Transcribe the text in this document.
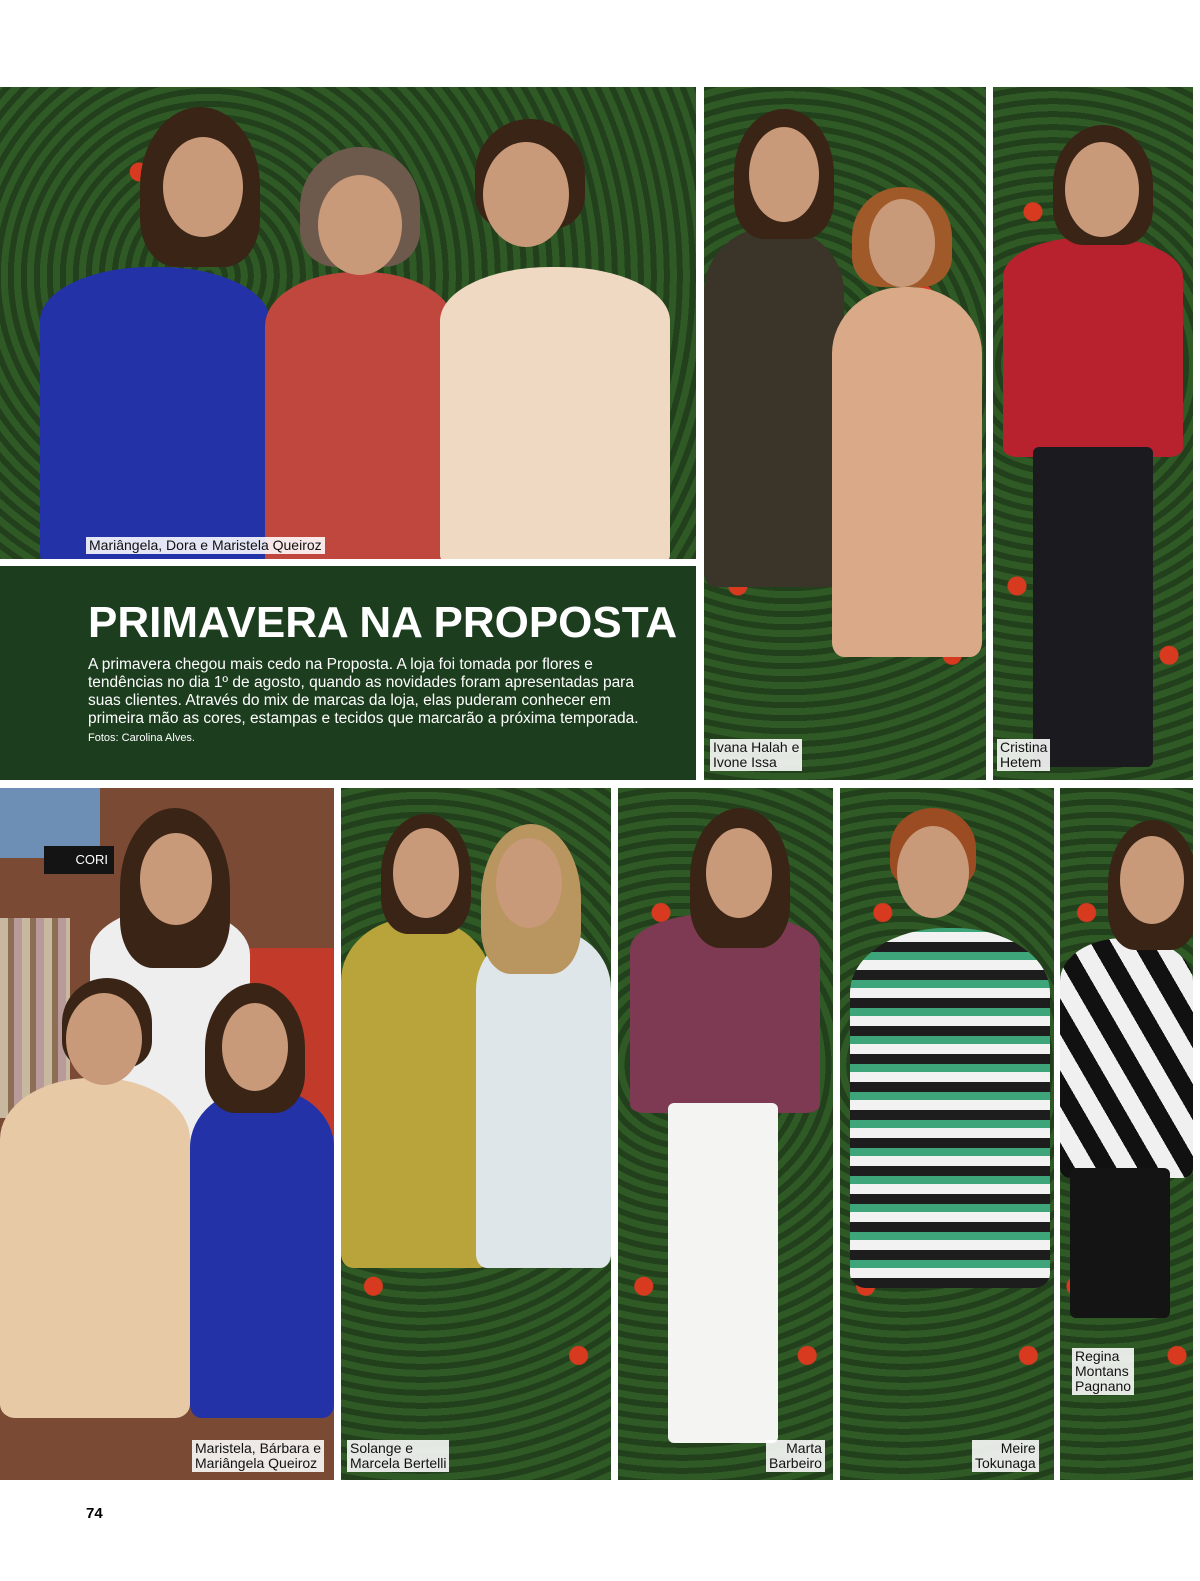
Mariângela, Dora e Maristela Queiroz
Ivana Halah e
Ivone Issa
Cristina
Hetem
PRIMAVERA NA PROPOSTA

A primavera chegou mais cedo na Proposta. A loja foi tomada por flores e tendências no dia 1º de agosto, quando as novidades foram apresentadas para suas clientes. Através do mix de marcas da loja, elas puderam conhecer em primeira mão as cores, estampas e tecidos que marcarão a próxima temporada. Fotos: Carolina Alves.

CORI
Maristela, Bárbara e
Mariângela Queiroz
Solange e
Marcela Bertelli
Marta
Barbeiro
Meire
Tokunaga
Regina
Montans
Pagnano
74
